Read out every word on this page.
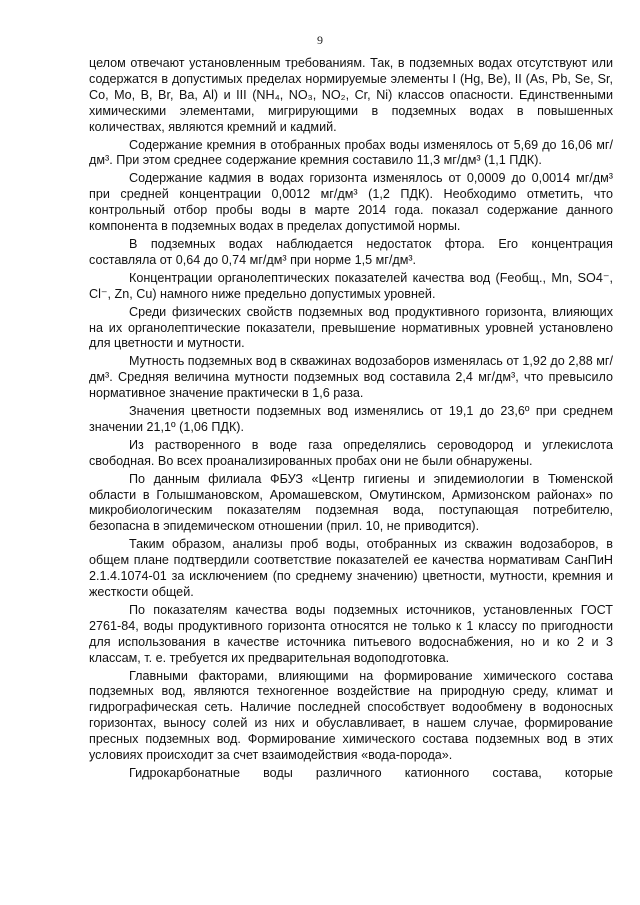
9

целом отвечают установленным требованиям. Так, в подземных водах отсутствуют или содержатся в допустимых пределах нормируемые элементы I (Hg, Be), II (As, Pb, Se, Sr, Co, Mo, B, Br, Ba, Al) и III (NH₄, NO₃, NO₂, Cr, Ni) классов опасности. Единственными химическими элементами, мигрирующими в подземных водах в повышенных количествах, являются кремний и кадмий.

Содержание кремния в отобранных пробах воды изменялось от 5,69 до 16,06 мг/дм³. При этом среднее содержание кремния составило 11,3 мг/дм³ (1,1 ПДК).

Содержание кадмия в водах горизонта изменялось от 0,0009 до 0,0014 мг/дм³ при средней концентрации 0,0012 мг/дм³ (1,2 ПДК). Необходимо отметить, что контрольный отбор пробы воды в марте 2014 года. показал содержание данного компонента в подземных водах в пределах допустимой нормы.

В подземных водах наблюдается недостаток фтора. Его концентрация составляла от 0,64 до 0,74 мг/дм³ при норме 1,5 мг/дм³.

Концентрации органолептических показателей качества вод (Feобщ., Mn, SO4⁻, Cl⁻, Zn, Cu) намного ниже предельно допустимых уровней.

Среди физических свойств подземных вод продуктивного горизонта, влияющих на их органолептические показатели, превышение нормативных уровней установлено для цветности и мутности.

Мутность подземных вод в скважинах водозаборов изменялась от 1,92 до 2,88 мг/дм³. Средняя величина мутности подземных вод составила 2,4 мг/дм³, что превысило нормативное значение практически в 1,6 раза.

Значения цветности подземных вод изменялись от 19,1 до 23,6º при среднем значении 21,1º (1,06 ПДК).

Из растворенного в воде газа определялись сероводород и углекислота свободная. Во всех проанализированных пробах они не были обнаружены.

По данным филиала ФБУЗ «Центр гигиены и эпидемиологии в Тюменской области в Голышмановском, Аромашевском, Омутинском, Армизонском районах» по микробиологическим показателям подземная вода, поступающая потребителю, безопасна в эпидемическом отношении (прил. 10, не приводится).

Таким образом, анализы проб воды, отобранных из скважин водозаборов, в общем плане подтвердили соответствие показателей ее качества нормативам СанПиН 2.1.4.1074-01 за исключением (по среднему значению) цветности, мутности, кремния и жесткости общей.

По показателям качества воды подземных источников, установленных ГОСТ 2761-84, воды продуктивного горизонта относятся не только к 1 классу по пригодности для использования в качестве источника питьевого водоснабжения, но и ко 2 и 3 классам, т. е. требуется их предварительная водоподготовка.

Главными факторами, влияющими на формирование химического состава подземных вод, являются техногенное воздействие на природную среду, климат и гидрографическая сеть. Наличие последней способствует водообмену в водоносных горизонтах, выносу солей из них и обуславливает, в нашем случае, формирование пресных подземных вод. Формирование химического состава подземных вод в этих условиях происходит за счет взаимодействия «вода-порода».

Гидрокарбонатные воды различного катионного состава, которые
